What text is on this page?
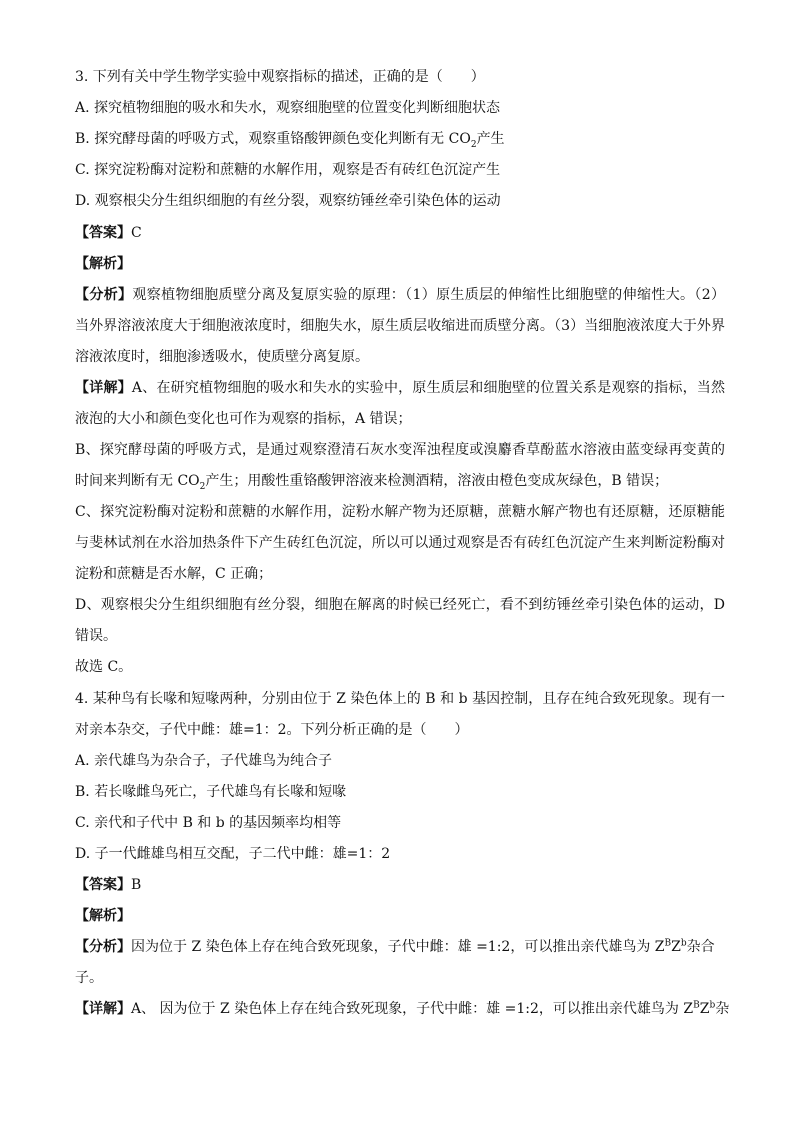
3. 下列有关中学生物学实验中观察指标的描述，正确的是（　　）
A. 探究植物细胞的吸水和失水，观察细胞壁的位置变化判断细胞状态
B. 探究酵母菌的呼吸方式，观察重铬酸钾颜色变化判断有无 $CO_2$产生
C. 探究淀粉酶对淀粉和蔗糖的水解作用，观察是否有砖红色沉淀产生
D. 观察根尖分生组织细胞的有丝分裂，观察纺锤丝牵引染色体的运动
【答案】C
【解析】
【分析】观察植物细胞质壁分离及复原实验的原理：（1）原生质层的伸缩性比细胞壁的伸缩性大。（2）
当外界溶液浓度大于细胞液浓度时，细胞失水，原生质层收缩进而质壁分离。（3）当细胞液浓度大于外界
溶液浓度时，细胞渗透吸水，使质壁分离复原。
【详解】A、在研究植物细胞的吸水和失水的实验中，原生质层和细胞壁的位置关系是观察的指标，当然
液泡的大小和颜色变化也可作为观察的指标，A 错误；
B、探究酵母菌的呼吸方式，是通过观察澄清石灰水变浑浊程度或溴麝香草酚蓝水溶液由蓝变绿再变黄的
时间来判断有无 $CO_2$产生；用酸性重铬酸钾溶液来检测酒精，溶液由橙色变成灰绿色，B 错误；
C、探究淀粉酶对淀粉和蔗糖的水解作用，淀粉水解产物为还原糖，蔗糖水解产物也有还原糖，还原糖能
与斐林试剂在水浴加热条件下产生砖红色沉淀，所以可以通过观察是否有砖红色沉淀产生来判断淀粉酶对
淀粉和蔗糖是否水解，C 正确；
D、观察根尖分生组织细胞有丝分裂，细胞在解离的时候已经死亡，看不到纺锤丝牵引染色体的运动，D
错误。
故选 C。
4. 某种鸟有长喙和短喙两种，分别由位于 Z 染色体上的 B 和 b 基因控制，且存在纯合致死现象。现有一
对亲本杂交，子代中雌：雄=1：2。下列分析正确的是（　　）
A. 亲代雄鸟为杂合子，子代雄鸟为纯合子
B. 若长喙雌鸟死亡，子代雄鸟有长喙和短喙
C. 亲代和子代中 B 和 b 的基因频率均相等
D. 子一代雌雄鸟相互交配，子二代中雌：雄=1：2
【答案】B
【解析】
【分析】因为位于 Z 染色体上存在纯合致死现象，子代中雌：雄 =1:2，可以推出亲代雄鸟为 $Z^BZ^b$杂合
子。
【详解】A、 因为位于 Z 染色体上存在纯合致死现象，子代中雌：雄 =1:2，可以推出亲代雄鸟为 $Z^BZ^b$杂
